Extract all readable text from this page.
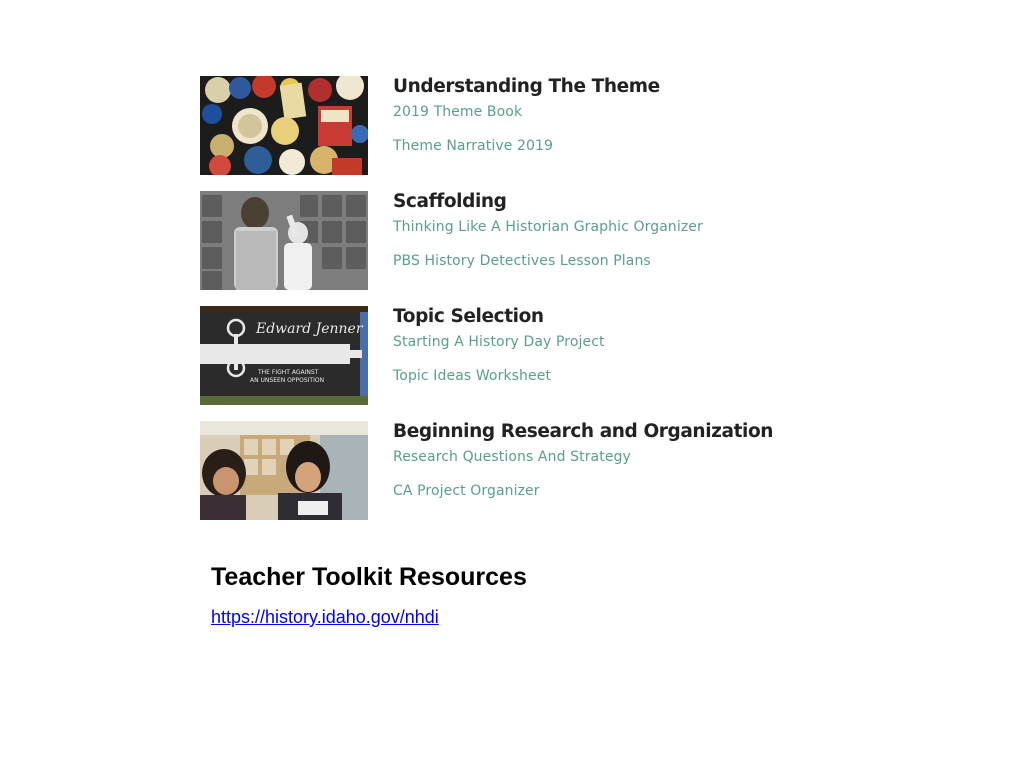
Understanding The Theme
2019 Theme Book
Theme Narrative 2019
Scaffolding
Thinking Like A Historian Graphic Organizer
PBS History Detectives Lesson Plans
Edward Jenner
THE FIGHT AGAINST
AN UNSEEN OPPOSITION
Topic Selection
Starting A History Day Project
Topic Ideas Worksheet
Beginning Research and Organization
Research Questions And Strategy
CA Project Organizer
Teacher Toolkit Resources
https://history.idaho.gov/nhdi
